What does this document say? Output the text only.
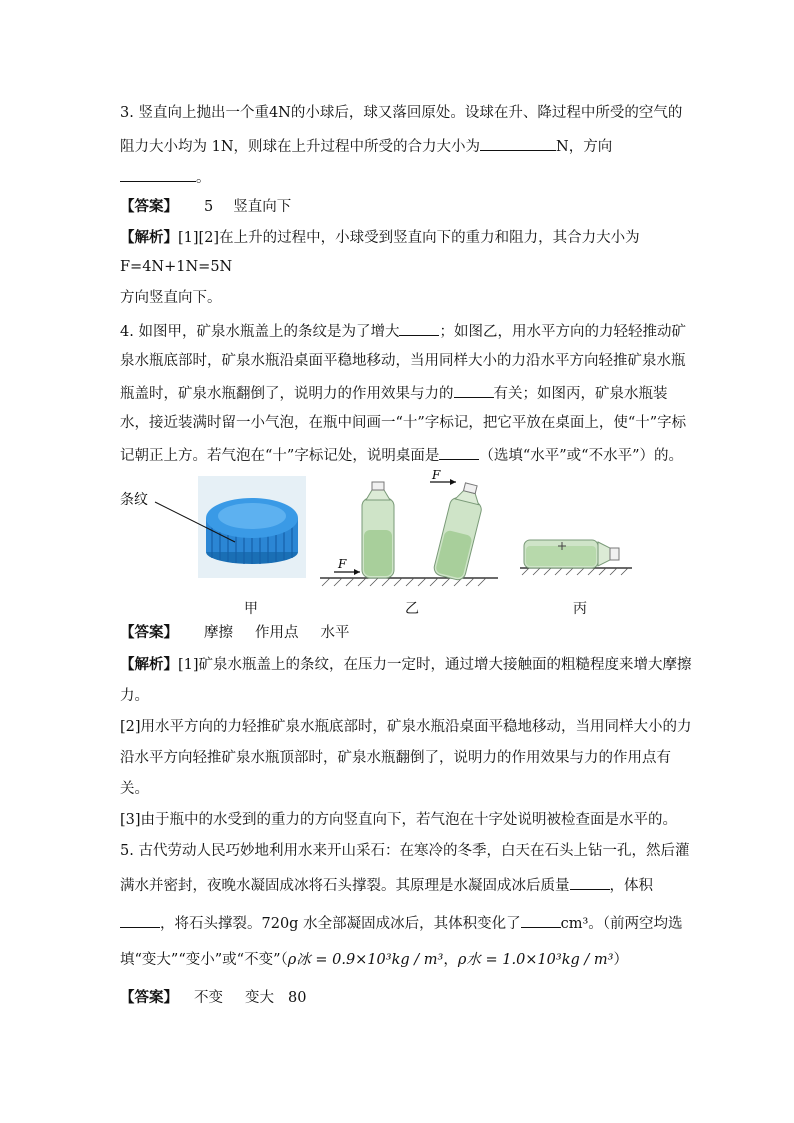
3. 竖直向上抛出一个重4N的小球后，球又落回原处。设球在升、降过程中所受的空气的
阻力大小均为 1N，则球在上升过程中所受的合力大小为	N，方向
。
【答案】 5 竖直向下
【解析】[1][2]在上升的过程中，小球受到竖直向下的重力和阻力，其合力大小为
F=4N+1N=5N
方向竖直向下。
4. 如图甲，矿泉水瓶盖上的条纹是为了增大	；如图乙，用水平方向的力轻轻推动矿
泉水瓶底部时，矿泉水瓶沿桌面平稳地移动，当用同样大小的力沿水平方向轻推矿泉水瓶
瓶盖时，矿泉水瓶翻倒了，说明力的作用效果与力的	有关；如图丙，矿泉水瓶装
水，接近装满时留一小气泡，在瓶中间画一“十”字标记，把它平放在桌面上，使“十”字标
记朝正上方。若气泡在“十”字标记处，说明桌面是	（选填“水平”或“不水平”）的。
条纹
F
F
甲	乙	丙
【答案】 摩擦 作用点 水平
【解析】[1]矿泉水瓶盖上的条纹，在压力一定时，通过增大接触面的粗糙程度来增大摩擦
力。
[2]用水平方向的力轻推矿泉水瓶底部时，矿泉水瓶沿桌面平稳地移动，当用同样大小的力
沿水平方向轻推矿泉水瓶顶部时，矿泉水瓶翻倒了，说明力的作用效果与力的作用点有
关。
[3]由于瓶中的水受到的重力的方向竖直向下，若气泡在十字处说明被检查面是水平的。
5. 古代劳动人民巧妙地利用水来开山采石：在寒冷的冬季，白天在石头上钻一孔，然后灌
满水并密封，夜晚水凝固成冰将石头撑裂。其原理是水凝固成冰后质量	，体积
，将石头撑裂。720g 水全部凝固成冰后，其体积变化了	cm³。（前两空均选
填“变大”“变小”或“不变”（ρ冰 = 0.9×10³kg / m³，ρ水 = 1.0×10³kg / m³）
【答案】 不变 变大 80
